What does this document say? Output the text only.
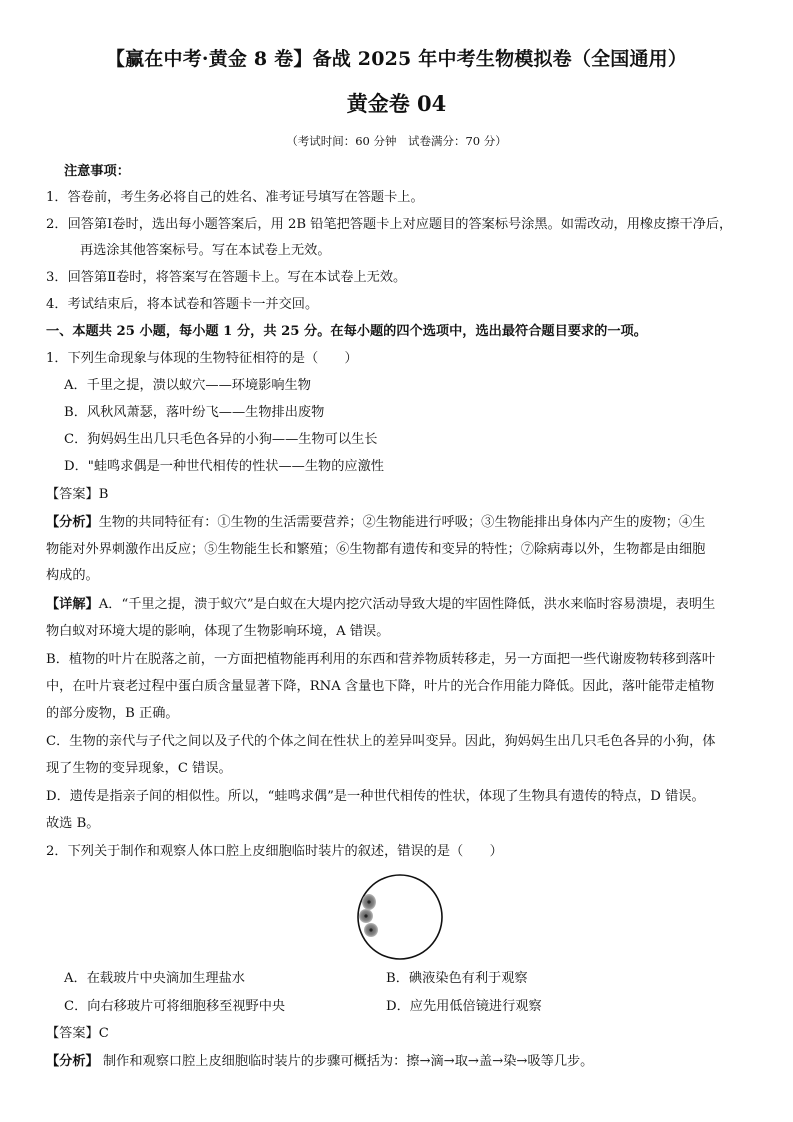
【赢在中考·黄金 8 卷】备战 2025 年中考生物模拟卷（全国通用）
黄金卷 04
（考试时间：60 分钟　试卷满分：70 分）
注意事项：
1．答卷前，考生务必将自己的姓名、准考证号填写在答题卡上。
2．回答第Ⅰ卷时，选出每小题答案后，用 2B 铅笔把答题卡上对应题目的答案标号涂黑。如需改动，用橡皮擦干净后，
再选涂其他答案标号。写在本试卷上无效。
3．回答第Ⅱ卷时，将答案写在答题卡上。写在本试卷上无效。
4．考试结束后，将本试卷和答题卡一并交回。
一、本题共 25 小题，每小题 1 分，共 25 分。在每小题的四个选项中，选出最符合题目要求的一项。
1．下列生命现象与体现的生物特征相符的是（　　）
A．千里之提，溃以蚁穴——环境影响生物
B．风秋风萧瑟，落叶纷飞——生物排出废物
C．狗妈妈生出几只毛色各异的小狗——生物可以生长
D．"蛙鸣求偶是一种世代相传的性状——生物的应激性
【答案】B
【分析】生物的共同特征有：①生物的生活需要营养；②生物能进行呼吸；③生物能排出身体内产生的废物；④生
物能对外界刺激作出反应；⑤生物能生长和繁殖；⑥生物都有遗传和变异的特性；⑦除病毒以外，生物都是由细胞
构成的。
【详解】A．“千里之提，溃于蚁穴”是白蚁在大堤内挖穴活动导致大堤的牢固性降低，洪水来临时容易溃堤，表明生
物白蚁对环境大堤的影响，体现了生物影响环境，A 错误。
B．植物的叶片在脱落之前，一方面把植物能再利用的东西和营养物质转移走，另一方面把一些代谢废物转移到落叶
中，在叶片衰老过程中蛋白质含量显著下降，RNA 含量也下降，叶片的光合作用能力降低。因此，落叶能带走植物
的部分废物，B 正确。
C．生物的亲代与子代之间以及子代的个体之间在性状上的差异叫变异。因此，狗妈妈生出几只毛色各异的小狗，体
现了生物的变异现象，C 错误。
D．遗传是指亲子间的相似性。所以，“蛙鸣求偶”是一种世代相传的性状，体现了生物具有遗传的特点，D 错误。
故选 B。
2．下列关于制作和观察人体口腔上皮细胞临时装片的叙述，错误的是（　　）
A．在载玻片中央滴加生理盐水	B．碘液染色有利于观察
C．向右移玻片可将细胞移至视野中央	D．应先用低倍镜进行观察
【答案】C
【分析】 制作和观察口腔上皮细胞临时装片的步骤可概括为：擦→滴→取→盖→染→吸等几步。
